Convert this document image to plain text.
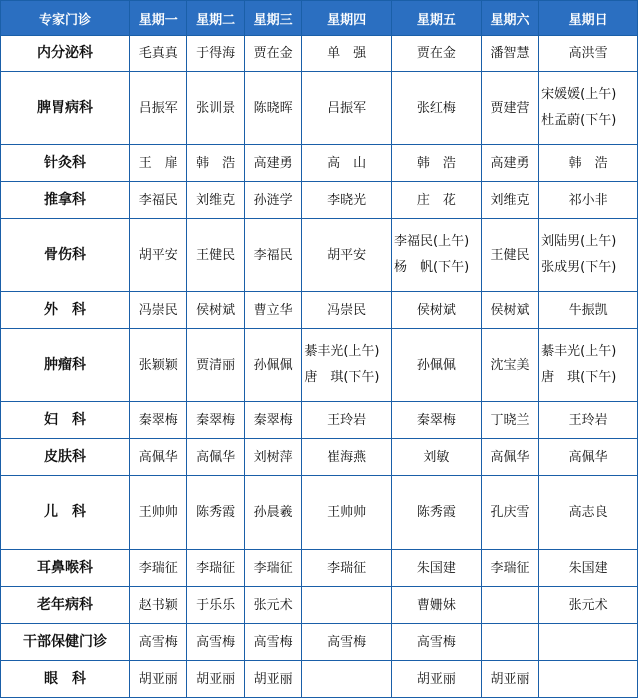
专家门诊	星期一	星期二	星期三	星期四	星期五	星期六	星期日
内分泌科	毛真真	于得海	贾在金	单　强	贾在金	潘智慧	高洪雪

脾胃病科	吕振军	张训景	陈晓晖	吕振军	张红梅	贾建营	宋媛媛(上午)
杜孟蔚(下午)

针灸科	王　扉	韩　浩	高建勇	高　山	韩　浩	高建勇	韩　浩

推拿科	李福民	刘维克	孙涟学	李晓光	庄　花	刘维克	祁小非

骨伤科	胡平安	王健民	李福民	胡平安	李福民(上午)
杨　帆(下午)	王健民	刘陆男(上午)
张成男(下午)

外　科	冯崇民	侯树斌	曹立华	冯崇民	侯树斌	侯树斌	牛振凯

肿瘤科	张颖颖	贾清丽	孙佩佩	綦丰光(上午)
唐　琪(下午)	孙佩佩	沈宝美	綦丰光(上午)
唐　琪(下午)

妇　科	秦翠梅	秦翠梅	秦翠梅	王玲岩	秦翠梅	丁晓兰	王玲岩

皮肤科	高佩华	高佩华	刘树萍	崔海燕	刘敏	高佩华	高佩华

儿　科	王帅帅	陈秀霞	孙晨羲	王帅帅	陈秀霞	孔庆雪	高志良

耳鼻喉科	李瑞征	李瑞征	李瑞征	李瑞征	朱国建	李瑞征	朱国建

老年病科	赵书颖	于乐乐	张元术		曹姗妹		张元术

干部保健门诊	高雪梅	高雪梅	高雪梅	高雪梅	高雪梅		

眼　科	胡亚丽	胡亚丽	胡亚丽		胡亚丽	胡亚丽	
